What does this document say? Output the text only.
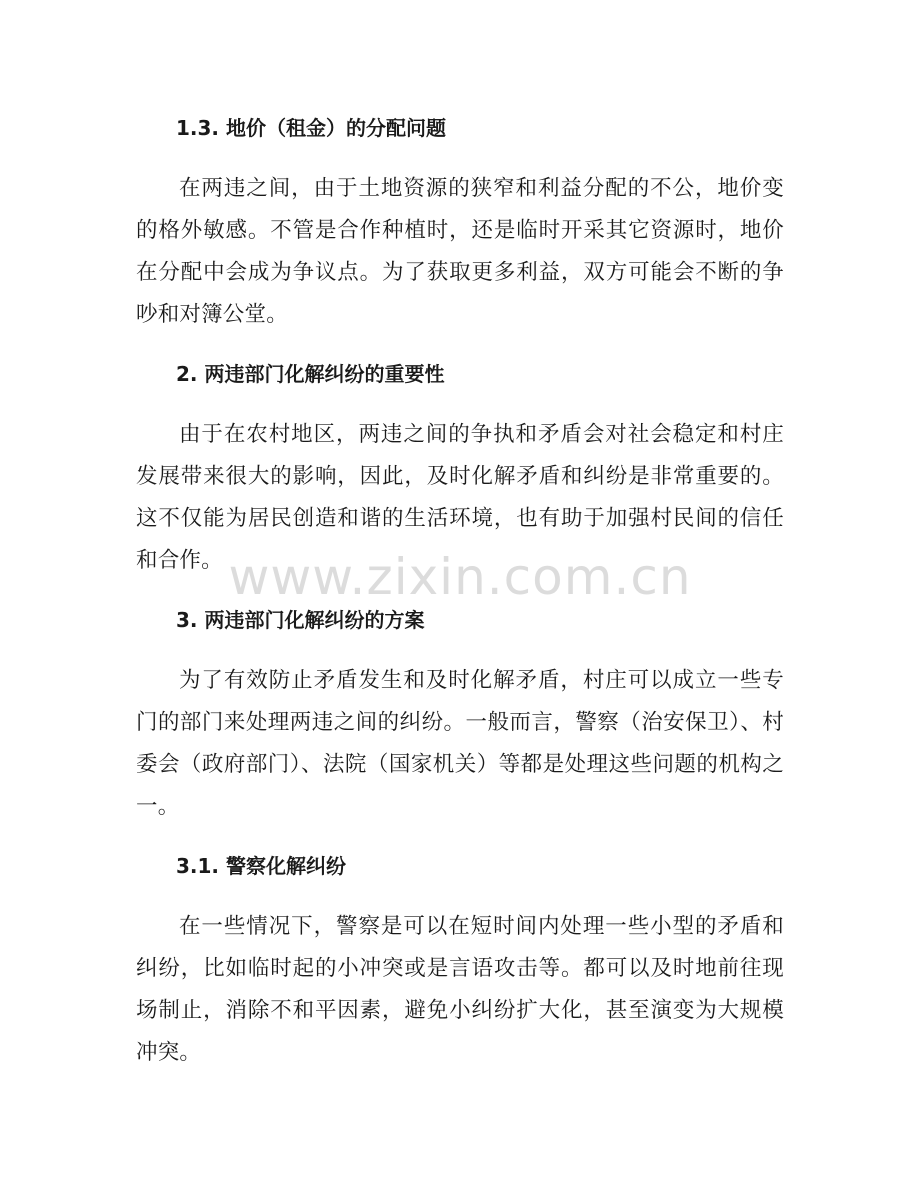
1.3. 地价（租金）的分配问题

在两违之间，由于土地资源的狭窄和利益分配的不公，地价变的格外敏感。不管是合作种植时，还是临时开采其它资源时，地价在分配中会成为争议点。为了获取更多利益，双方可能会不断的争吵和对簿公堂。

2. 两违部门化解纠纷的重要性

由于在农村地区，两违之间的争执和矛盾会对社会稳定和村庄发展带来很大的影响，因此，及时化解矛盾和纠纷是非常重要的。这不仅能为居民创造和谐的生活环境，也有助于加强村民间的信任和合作。

3. 两违部门化解纠纷的方案

为了有效防止矛盾发生和及时化解矛盾，村庄可以成立一些专门的部门来处理两违之间的纠纷。一般而言，警察（治安保卫）、村委会（政府部门）、法院（国家机关）等都是处理这些问题的机构之一。

3.1. 警察化解纠纷

在一些情况下，警察是可以在短时间内处理一些小型的矛盾和纠纷，比如临时起的小冲突或是言语攻击等。都可以及时地前往现场制止，消除不和平因素，避免小纠纷扩大化，甚至演变为大规模冲突。

www.zixin.com.cn
